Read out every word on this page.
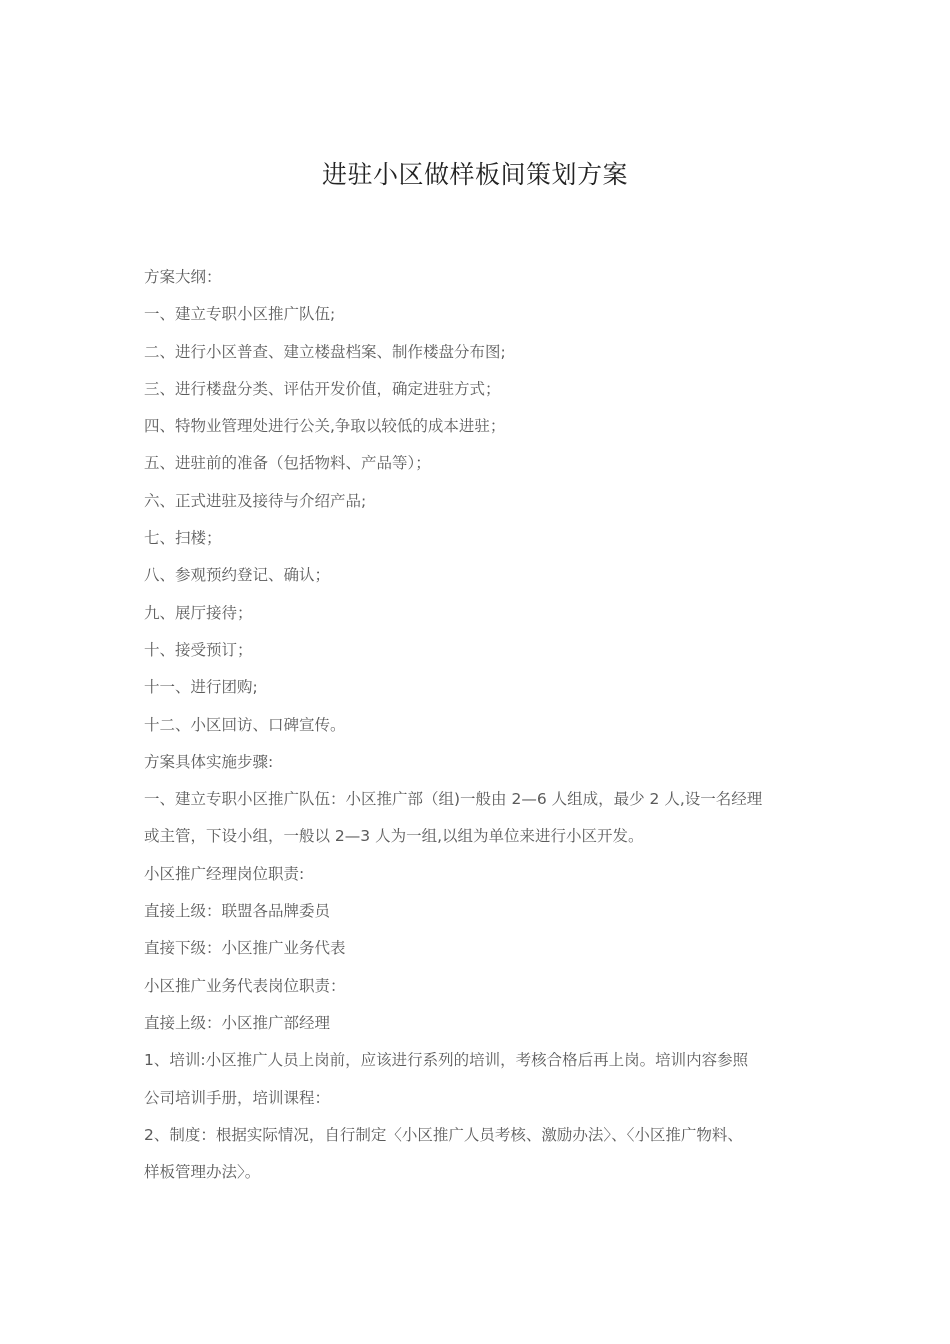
进驻小区做样板间策划方案
方案大纲：
一、建立专职小区推广队伍;
二、进行小区普查、建立楼盘档案、制作楼盘分布图;
三、进行楼盘分类、评估开发价值，确定进驻方式；
四、特物业管理处进行公关,争取以较低的成本进驻；
五、进驻前的准备（包括物料、产品等）；
六、正式进驻及接待与介绍产品;
七、扫楼；
八、参观预约登记、确认；
九、展厅接待；
十、接受预订；
十一、进行团购;
十二、小区回访、口碑宣传。
方案具体实施步骤:
一、建立专职小区推广队伍：小区推广部（组)一般由 2—6 人组成，最少 2 人,设一名经理
或主管，下设小组，一般以 2—3 人为一组,以组为单位来进行小区开发。
小区推广经理岗位职责:
直接上级：联盟各品牌委员
直接下级：小区推广业务代表
小区推广业务代表岗位职责：
直接上级：小区推广部经理
1、培训:小区推广人员上岗前，应该进行系列的培训，考核合格后再上岗。培训内容参照
公司培训手册，培训课程：
2、制度：根据实际情况，自行制定〈小区推广人员考核、激励办法〉、〈小区推广物料、
样板管理办法〉。
